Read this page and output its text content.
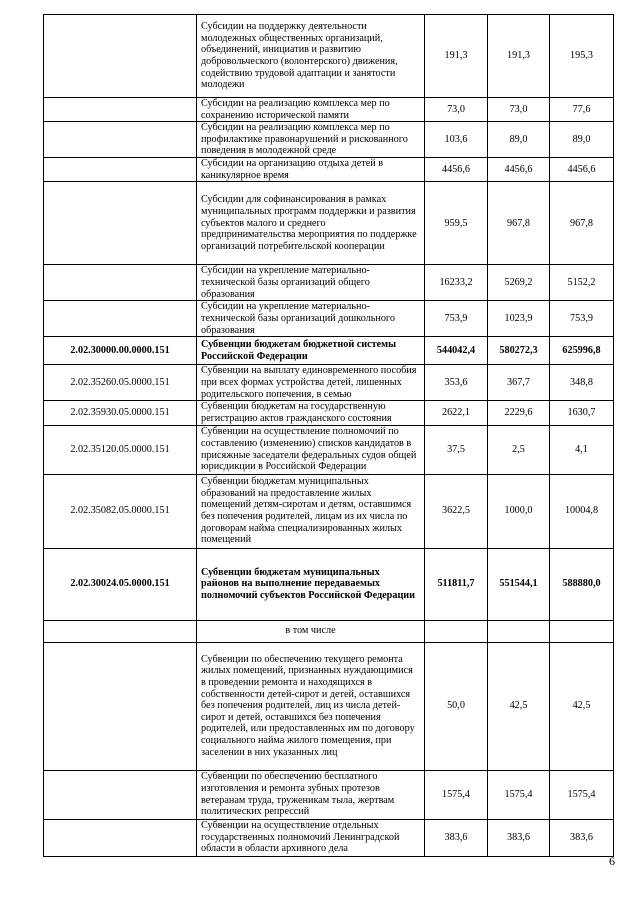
	Субсидии на поддержку деятельности молодежных общественных организаций, объединений, инициатив и развитию добровольческого (волонтерского) движения, содействию трудовой адаптации и занятости молодежи	191,3	191,3	195,3
	Субсидии на реализацию комплекса мер по сохранению исторической памяти	73,0	73,0	77,6
	Субсидии на реализацию комплекса мер по профилактике правонарушений и рискованного поведения в молодежной среде	103,6	89,0	89,0
	Субсидии на организацию отдыха детей в каникулярное время	4456,6	4456,6	4456,6
	Субсидии для софинансирования в рамках муниципальных программ поддержки и развития субъектов малого и среднего предпринимательства мероприятия по поддержке организаций потребительской кооперации	959,5	967,8	967,8
	Субсидии на укрепление материально-технической базы организаций общего образования	16233,2	5269,2	5152,2
	Субсидии на укрепление материально-технической базы организаций дошкольного образования	753,9	1023,9	753,9
2.02.30000.00.0000.151	Субвенции бюджетам бюджетной системы Российской Федерации	544042,4	580272,3	625996,8
2.02.35260.05.0000.151	Субвенции на выплату единовременного пособия при всех формах устройства детей, лишенных родительского попечения, в семью	353,6	367,7	348,8
2.02.35930.05.0000.151	Субвенции бюджетам на государственную регистрацию актов гражданского состояния	2622,1	2229,6	1630,7
2.02.35120.05.0000.151	Субвенции на осуществление полномочий по составлению (изменению) списков кандидатов в присяжные заседатели федеральных судов общей юрисдикции в Российской Федерации	37,5	2,5	4,1
2.02.35082.05.0000.151	Субвенции бюджетам муниципальных образований на предоставление жилых помещений детям-сиротам и детям, оставшимся без попечения родителей, лицам из их числа по договорам найма специализированных жилых помещений	3622,5	1000,0	10004,8
2.02.30024.05.0000.151	Субвенции бюджетам муниципальных районов на выполнение передаваемых полномочий субъектов Российской Федерации	511811,7	551544,1	588880,0
	в том числе			
	Субвенции по обеспечению текущего ремонта жилых помещений, признанных нуждающимися в проведении ремонта и находящихся в собственности детей-сирот и детей, оставшихся без попечения родителей, лиц из числа детей-сирот и детей, оставшихся без попечения родителей, или предоставленных им по договору социального найма жилого помещения, при заселении в них указанных лиц	50,0	42,5	42,5
	Субвенции по обеспечению бесплатного изготовления и ремонта зубных протезов ветеранам труда, труженикам тыла, жертвам политических репрессий	1575,4	1575,4	1575,4
	Субвенции на осуществление отдельных государственных полномочий Ленинградской области в области архивного дела	383,6	383,6	383,6
6
